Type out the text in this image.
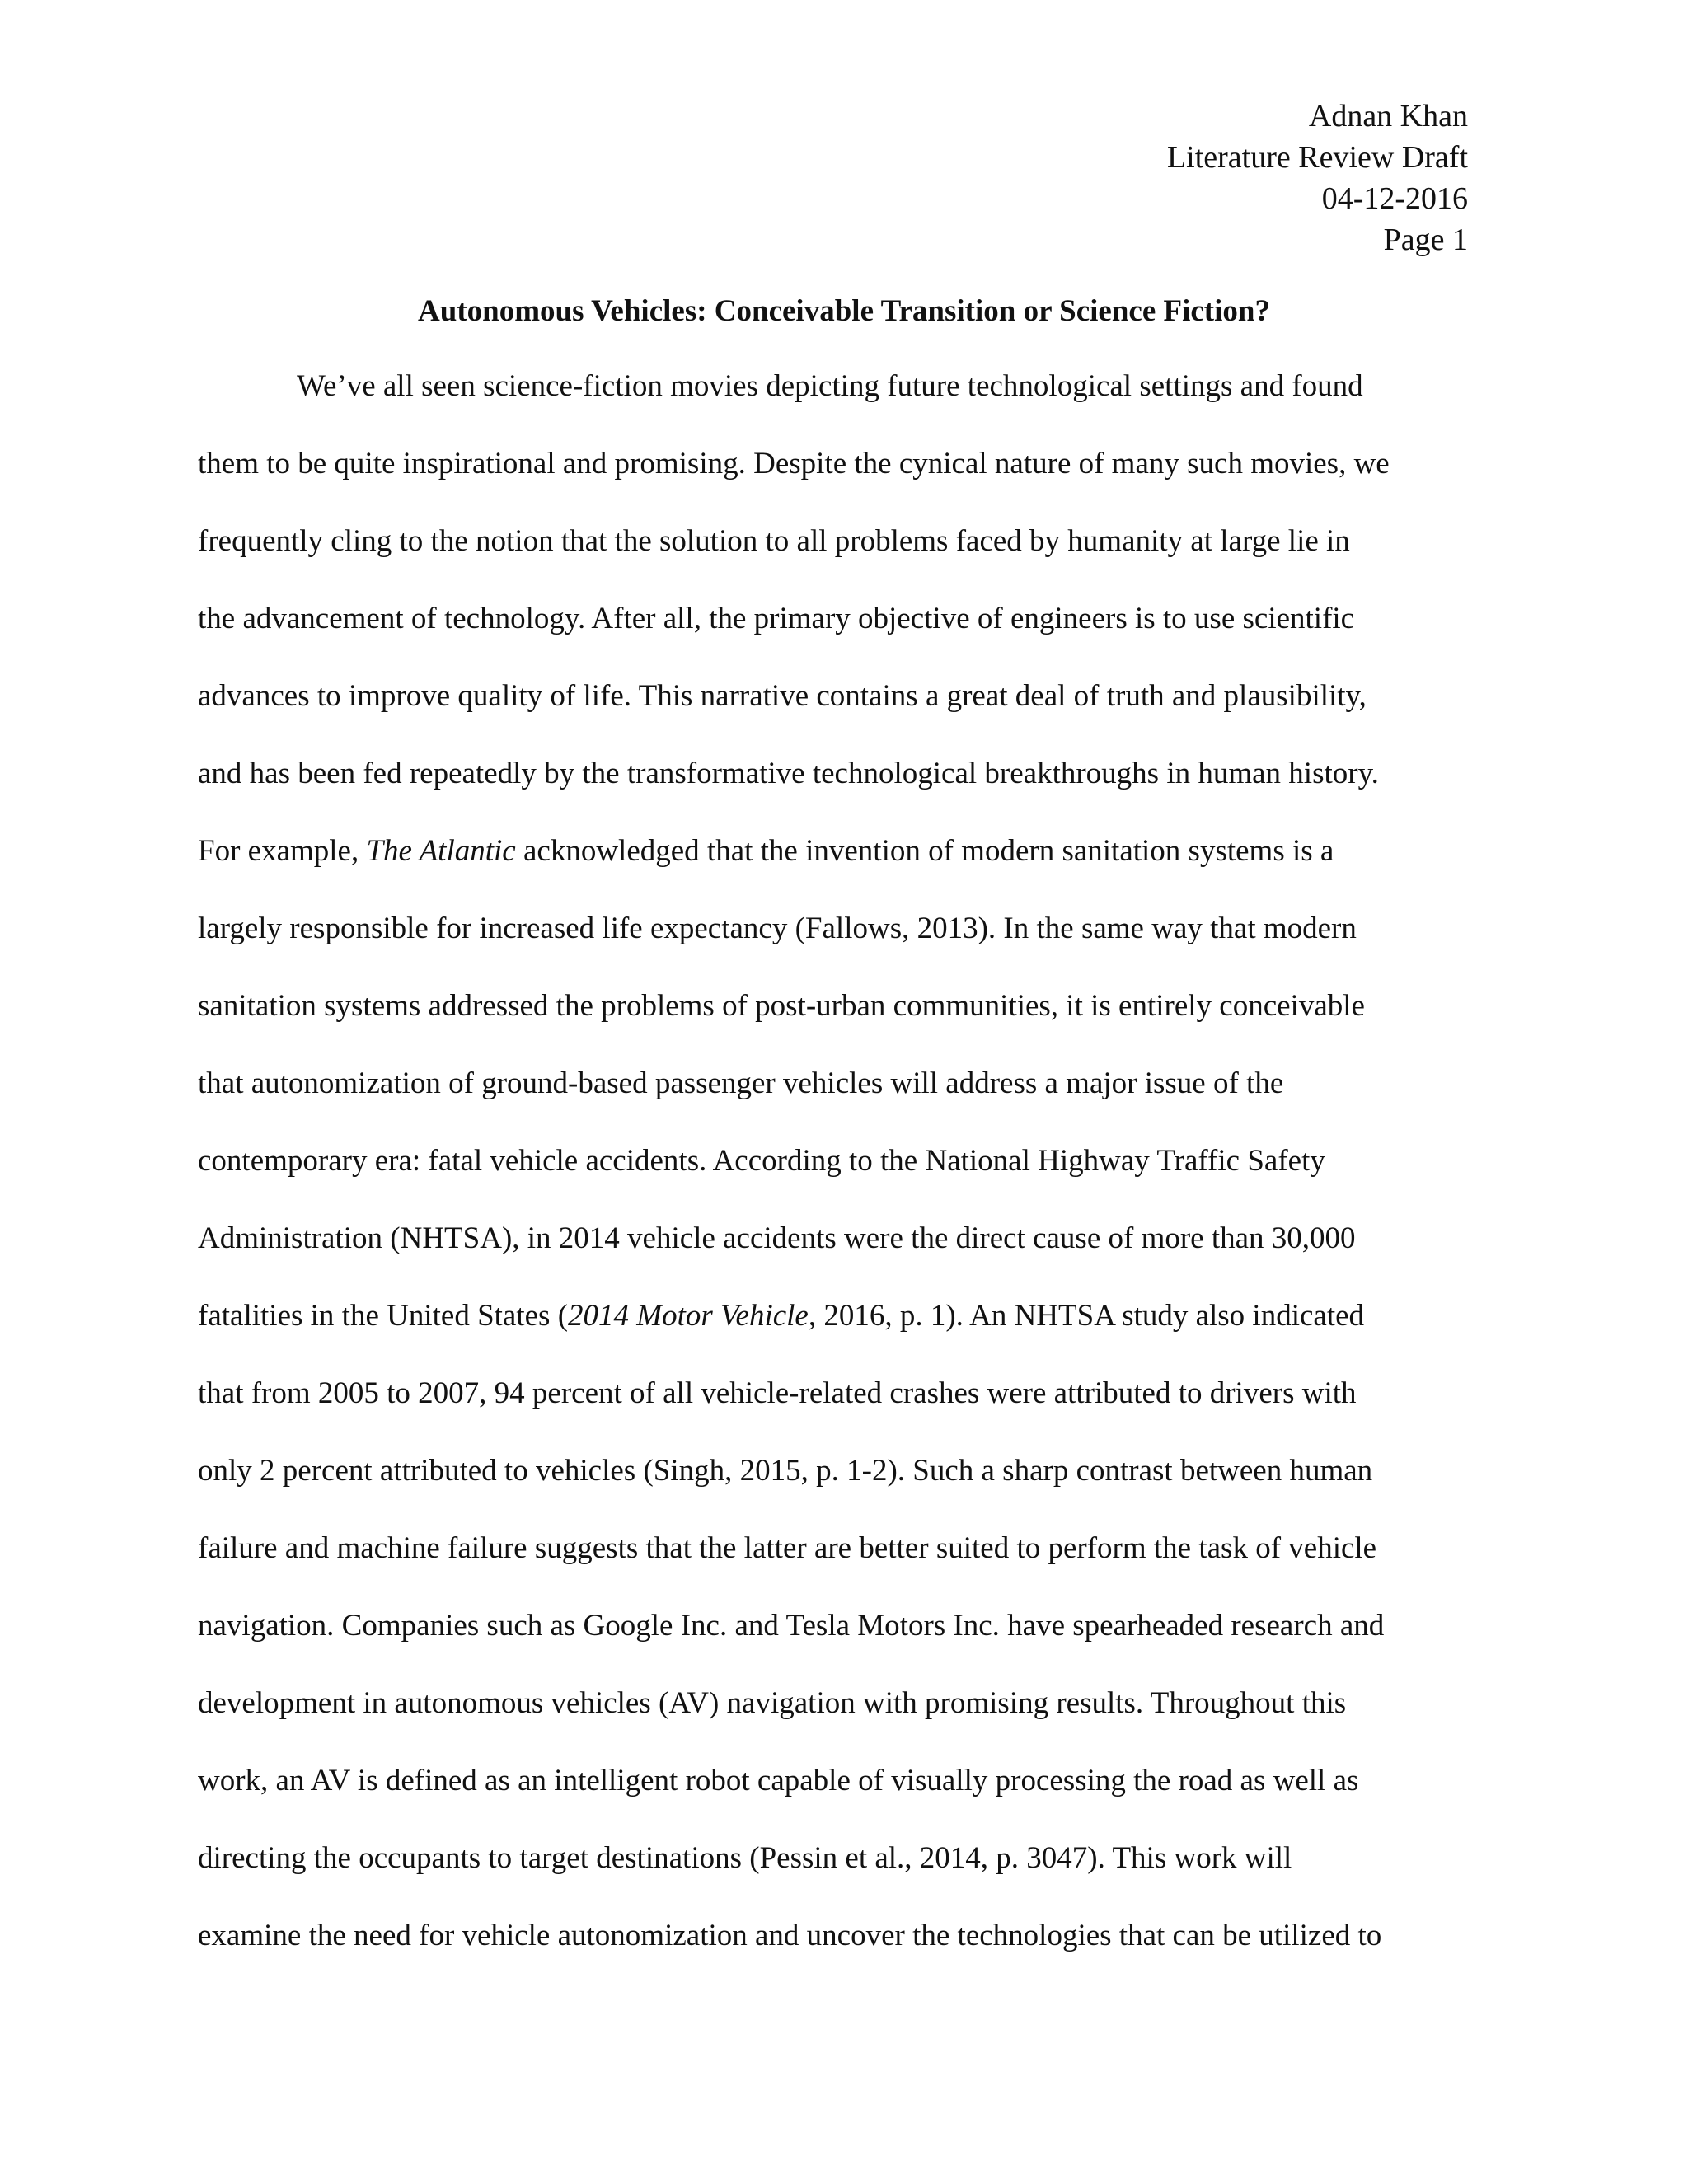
Adnan Khan
Literature Review Draft
04-12-2016
Page 1
Autonomous Vehicles: Conceivable Transition or Science Fiction?
We’ve all seen science-fiction movies depicting future technological settings and found
them to be quite inspirational and promising. Despite the cynical nature of many such movies, we
frequently cling to the notion that the solution to all problems faced by humanity at large lie in
the advancement of technology. After all, the primary objective of engineers is to use scientific
advances to improve quality of life. This narrative contains a great deal of truth and plausibility,
and has been fed repeatedly by the transformative technological breakthroughs in human history.
For example, The Atlantic acknowledged that the invention of modern sanitation systems is a
largely responsible for increased life expectancy (Fallows, 2013). In the same way that modern
sanitation systems addressed the problems of post-urban communities, it is entirely conceivable
that autonomization of ground-based passenger vehicles will address a major issue of the
contemporary era: fatal vehicle accidents. According to the National Highway Traffic Safety
Administration (NHTSA), in 2014 vehicle accidents were the direct cause of more than 30,000
fatalities in the United States (2014 Motor Vehicle, 2016, p. 1). An NHTSA study also indicated
that from 2005 to 2007, 94 percent of all vehicle-related crashes were attributed to drivers with
only 2 percent attributed to vehicles (Singh, 2015, p. 1-2). Such a sharp contrast between human
failure and machine failure suggests that the latter are better suited to perform the task of vehicle
navigation. Companies such as Google Inc. and Tesla Motors Inc. have spearheaded research and
development in autonomous vehicles (AV) navigation with promising results. Throughout this
work, an AV is defined as an intelligent robot capable of visually processing the road as well as
directing the occupants to target destinations (Pessin et al., 2014, p. 3047). This work will
examine the need for vehicle autonomization and uncover the technologies that can be utilized to
